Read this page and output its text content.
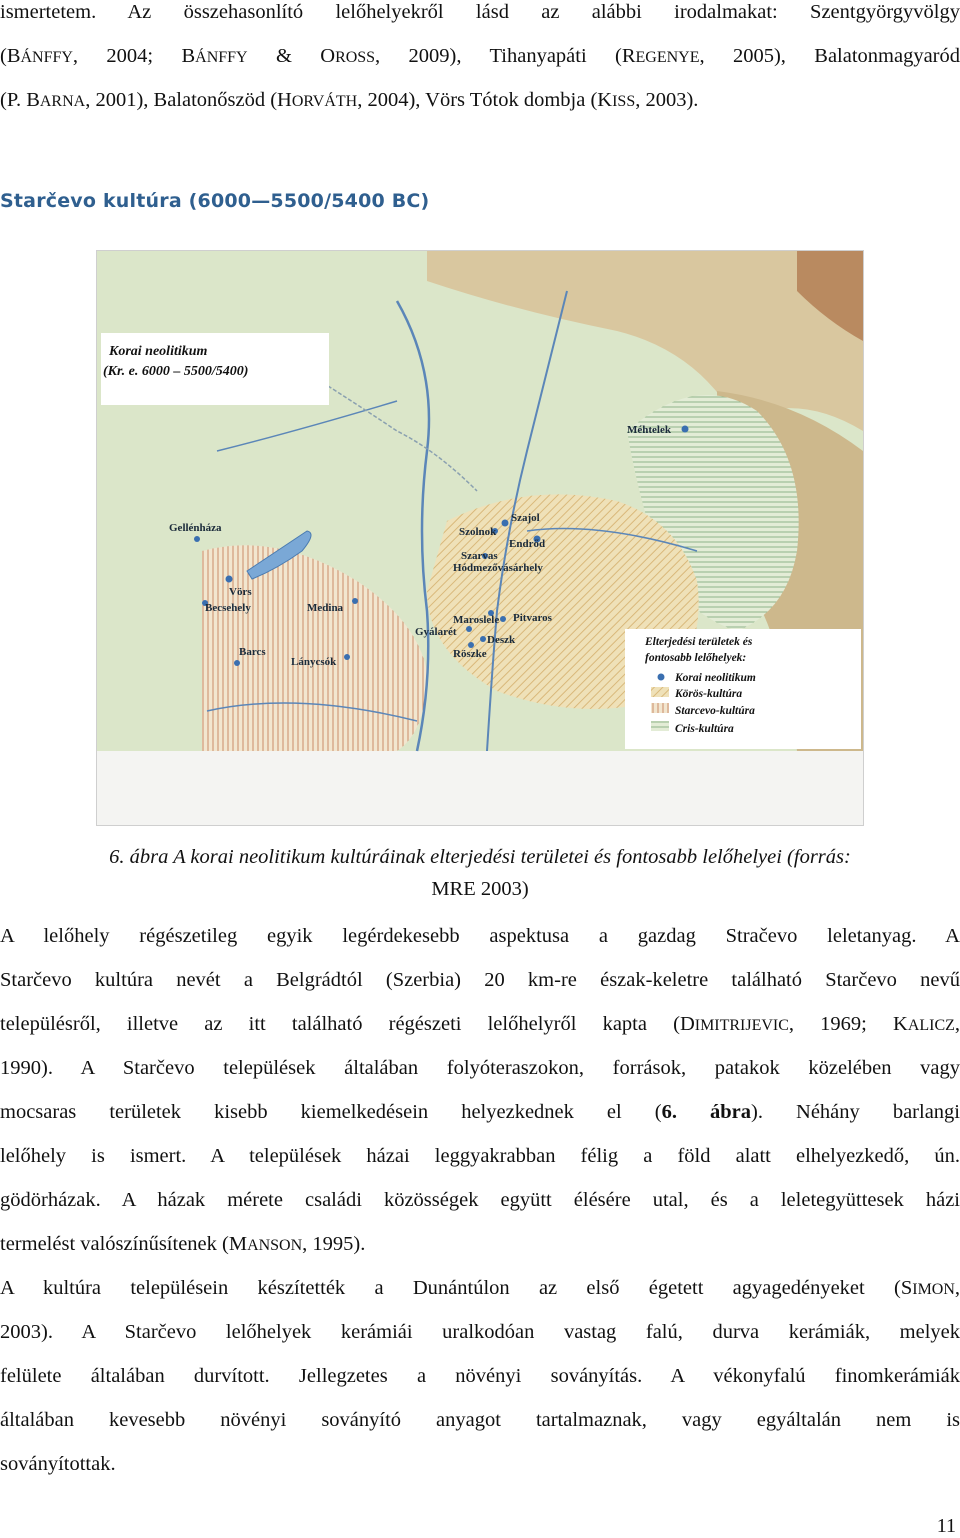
ismertetem. Az összehasonlító lelőhelyekről lásd az alábbi irodalmakat: Szentgyörgyvölgy
(BÁNFFY, 2004; BÁNFFY & OROSS, 2009), Tihanyapáti (REGENYE, 2005), Balatonmagyaród
(P. BARNA, 2001), Balatonőszöd (HORVÁTH, 2004), Vörs Tótok dombja (KISS, 2003).
Starčevo kultúra (6000—5500/5400 BC)
Korai neolitikum
(Kr. e. 6000 – 5500/5400)
Méhtelek
Szajol
Szolnok
Endrőd
Szarvas
Hódmezővásárhely
Gellénháza
Vörs
Becsehely	Medina
Maroslele Pitvaros
Gyálarét
Deszk
Röszke
Barcs
Lánycsók
Elterjedési területek és
fontosabb lelőhelyek:
Korai neolitikum
Körös-kultúra
Starcevo-kultúra
Cris-kultúra
6. ábra A korai neolitikum kultúráinak elterjedési területei és fontosabb lelőhelyei (forrás:
MRE 2003)
A lelőhely régészetileg egyik legérdekesebb aspektusa a gazdag Stračevo leletanyag. A
Starčevo kultúra nevét a Belgrádtól (Szerbia) 20 km-re észak-keletre található Starčevo nevű
településről, illetve az itt található régészeti lelőhelyről kapta (DIMITRIJEVIC, 1969; KALICZ,
1990). A Starčevo települések általában folyóteraszokon, források, patakok közelében vagy
mocsaras területek kisebb kiemelkedésein helyezkednek el (6. ábra). Néhány barlangi
lelőhely is ismert. A települések házai leggyakrabban félig a föld alatt elhelyezkedő, ún.
gödörházak. A házak mérete családi közösségek együtt élésére utal, és a leletegyüttesek házi
termelést valószínűsítenek (MANSON, 1995).
A kultúra településein készítették a Dunántúlon az első égetett agyagedényeket (SIMON,
2003). A Starčevo lelőhelyek kerámiái uralkodóan vastag falú, durva kerámiák, melyek
felülete általában durvított. Jellegzetes a növényi soványítás. A vékonyfalú finomkerámiák
általában kevesebb növényi soványító anyagot tartalmaznak, vagy egyáltalán nem is
soványítottak.
11
